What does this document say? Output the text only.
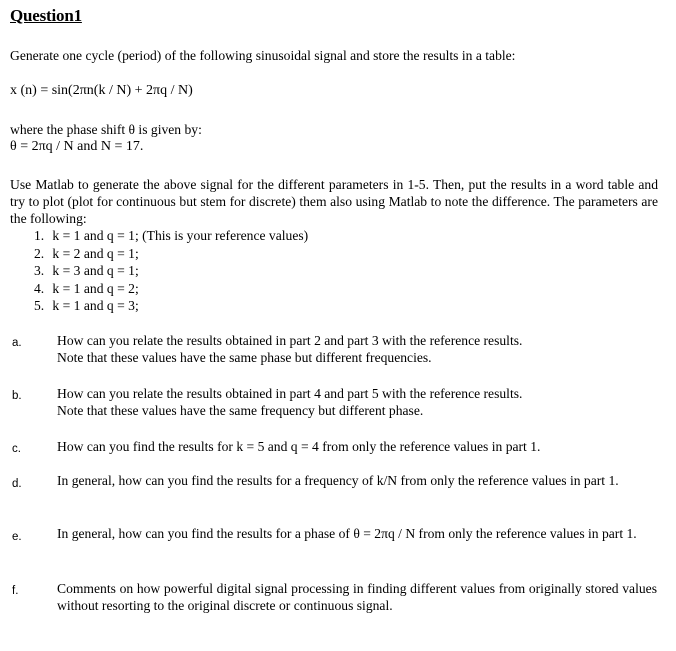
Question1
Generate one cycle (period) of the following sinusoidal signal and store the results in a table:
x (n) = sin(2πn(k / N) + 2πq / N)
where the phase shift θ is given by:
θ = 2πq / N and N = 17.
Use Matlab to generate the above signal for the different parameters in 1-5. Then, put the results in a word table and try to plot (plot for continuous but stem for discrete) them also using Matlab to note the difference. The parameters are the following:
1. k = 1 and q = 1; (This is your reference values)
2. k = 2 and q = 1;
3. k = 3 and q = 1;
4. k = 1 and q = 2;
5. k = 1 and q = 3;
a.	How can you relate the results obtained in part 2 and part 3 with the reference results.
Note that these values have the same phase but different frequencies.
b.	How can you relate the results obtained in part 4 and part 5 with the reference results.
Note that these values have the same frequency but different phase.
c.	How can you find the results for k = 5 and q = 4 from only the reference values in part 1.
d.	In general, how can you find the results for a frequency of k/N from only the reference values in part 1.
e.	In general, how can you find the results for a phase of θ = 2πq / N from only the reference values in part 1.
f.	Comments on how powerful digital signal processing in finding different values from originally stored values without resorting to the original discrete or continuous signal.
